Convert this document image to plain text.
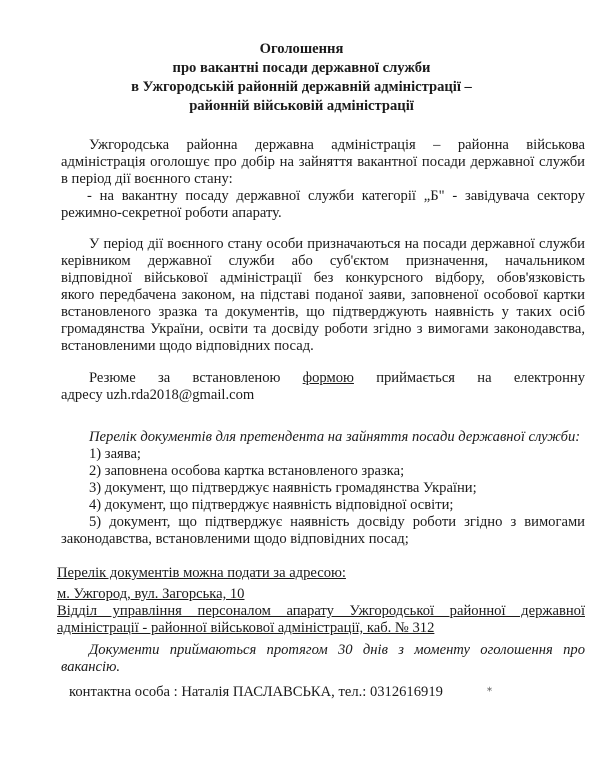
Оголошення
про вакантні посади державної служби
в Ужгородській районній державній адміністрації –
районній військовій адміністрації
Ужгородська районна державна адміністрація – районна військова
адміністрація оголошує про добір на зайняття вакантної посади державної служби
в період дії воєнного стану:
- на вакантну посаду державної служби категорії „Б" - завідувача сектору
режимно-секретної роботи апарату.
У період дії воєнного стану особи призначаються на посади державної служби
керівником державної служби або суб'єктом призначення, начальником
відповідної військової адміністрації без конкурсного відбору, обов'язковість
якого передбачена законом, на підставі поданої заяви, заповненої особової картки
встановленого зразка та документів, що підтверджують наявність у таких осіб
громадянства України, освіти та досвіду роботи згідно з вимогами законодавства,
встановленими щодо відповідних посад.
Резюме за встановленою формою приймається на електронну
адресу uzh.rda2018@gmail.com
Перелік документів для претендента на зайняття посади державної служби:
1) заява;
2) заповнена особова картка встановленого зразка;
3) документ, що підтверджує наявність громадянства України;
4) документ, що підтверджує наявність відповідної освіти;
5) документ, що підтверджує наявність досвіду роботи згідно з вимогами
законодавства, встановленими щодо відповідних посад;
Перелік документів можна подати за адресою:
м. Ужгород, вул. Загорська, 10
Відділ управління персоналом апарату Ужгородської районної державної
адміністрації - районної військової адміністрації, каб. № 312
Документи приймаються протягом 30 днів з моменту оголошення про
вакансію.
контактна особа : Наталія ПАСЛАВСЬКА, тел.: 0312616919	⁎
